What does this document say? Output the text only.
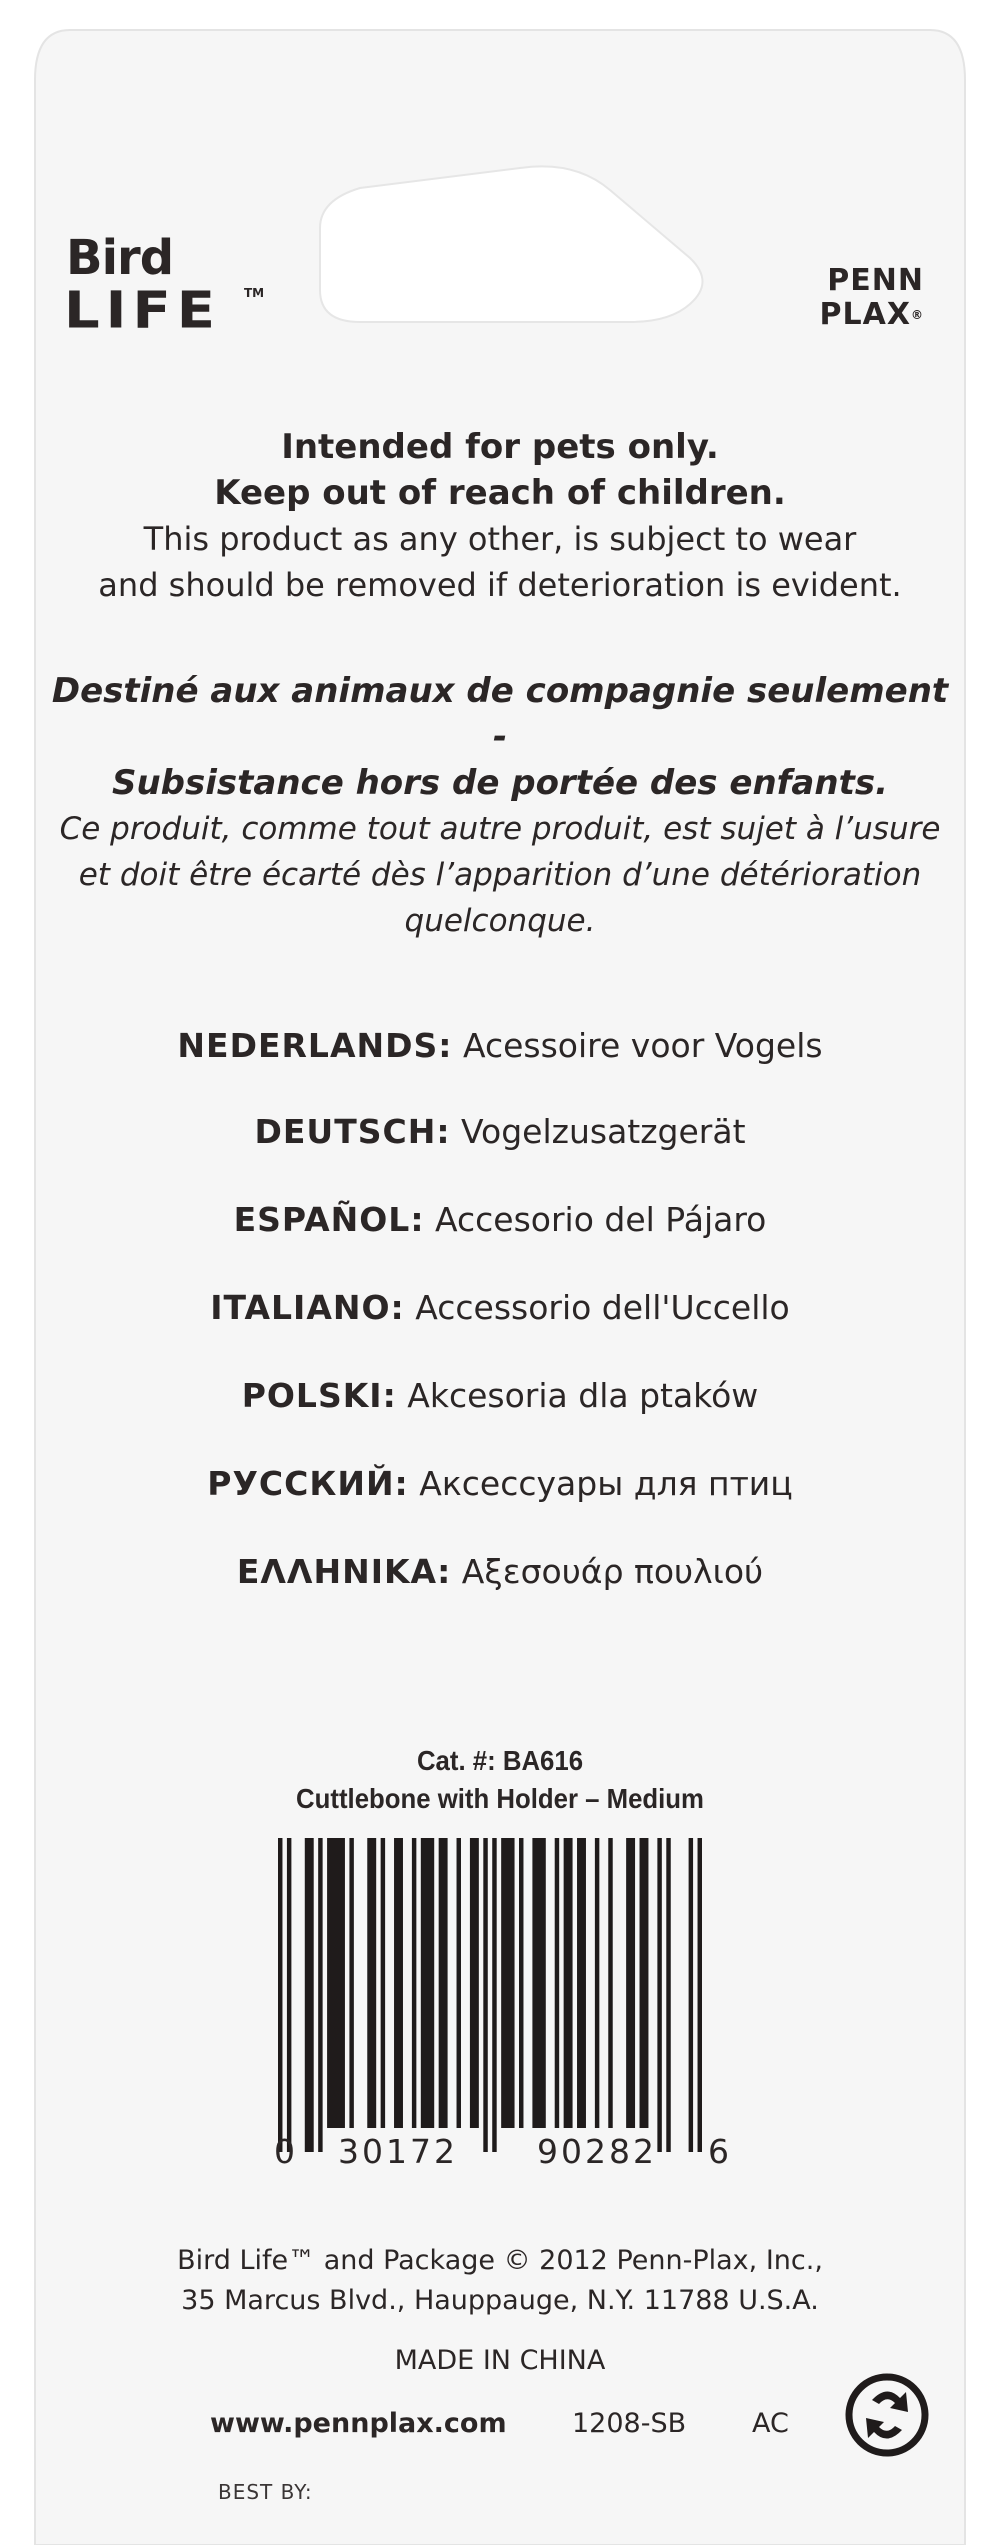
Bird
LIFE TM	PENN
PLAX®
Intended for pets only.
Keep out of reach of children.
This product as any other, is subject to wear
and should be removed if deterioration is evident.
Destiné aux animaux de compagnie seulement -
Subsistance hors de portée des enfants.
Ce produit, comme tout autre produit, est sujet à l’usure
et doit être écarté dès l’apparition d’une détérioration
quelconque.
NEDERLANDS: Acessoire voor Vogels
DEUTSCH: Vogelzusatzgerät
ESPAÑOL: Accesorio del Pájaro
ITALIANO: Accessorio dell'Uccello
POLSKI: Akcesoria dla ptaków
РУССКИЙ: Аксессуары для птиц
ΕΛΛΗΝΙΚΑ: Αξεσουάρ πουλιού
Cat. #: BA616
Cuttlebone with Holder – Medium
0 30172 90282 6
Bird Life™ and Package © 2012 Penn-Plax, Inc.,
35 Marcus Blvd., Hauppauge, N.Y. 11788 U.S.A.
MADE IN CHINA
www.pennplax.com 1208-SB AC
BEST BY:
